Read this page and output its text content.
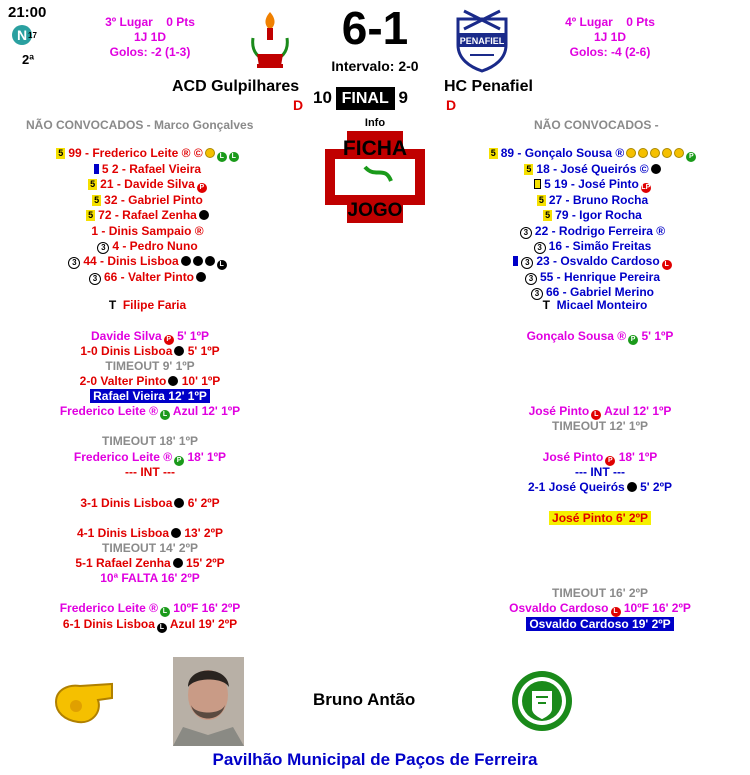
21:00
N 17
2ª
3º Lugar 0 Pts
1J 1D
Golos: -2 (1-3)
4º Lugar 0 Pts
1J 1D
Golos: -4 (2-6)
PENAFIEL
6-1
Intervalo: 2-0
ACD Gulpilhares
D
HC Penafiel
D
10 FINAL 9
NÃO CONVOCADOS - Marco Gonçalves	NÃO CONVOCADOS -
Info
FICHA
JOGO
5 99 - Frederico Leite ® © L L
5 2 - Rafael Vieira
5 21 - Davide Silva P
5 32 - Gabriel Pinto
5 72 - Rafael Zenha
1 - Dinis Sampaio ®
3 4 - Pedro Nuno
3 44 - Dinis Lisboa	L
3 66 - Valter Pinto
T Filipe Faria
5 89 - Gonçalo Sousa ®	P
5 18 - José Queirós ©
5 19 - José Pinto LP
5 27 - Bruno Rocha
5 79 - Igor Rocha
3 22 - Rodrigo Ferreira ®
3 16 - Simão Freitas
3 23 - Osvaldo Cardoso L
3 55 - Henrique Pereira
3 66 - Gabriel Merino
T Micael Monteiro
Davide Silva P 5' 1ºP
1-0 Dinis Lisboa 5' 1ºP
TIMEOUT 9' 1ºP
2-0 Valter Pinto 10' 1ºP
Rafael Vieira 12' 1ºP
Frederico Leite ® L Azul 12' 1ºP
TIMEOUT 18' 1ºP
Frederico Leite ® P 18' 1ºP
--- INT ---
3-1 Dinis Lisboa 6' 2ºP
4-1 Dinis Lisboa 13' 2ºP
TIMEOUT 14' 2ºP
5-1 Rafael Zenha 15' 2ºP
10ª FALTA 16' 2ºP
Frederico Leite ® L 10ºF 16' 2ºP
6-1 Dinis Lisboa L Azul 19' 2ºP
Gonçalo Sousa ® P 5' 1ºP
José Pinto L Azul 12' 1ºP
TIMEOUT 12' 1ºP
José Pinto P 18' 1ºP
--- INT ---
2-1 José Queirós 5' 2ºP
José Pinto 6' 2ºP
TIMEOUT 16' 2ºP
Osvaldo Cardoso L 10ºF 16' 2ºP
Osvaldo Cardoso 19' 2ºP
Bruno Antão
Pavilhão Municipal de Paços de Ferreira
